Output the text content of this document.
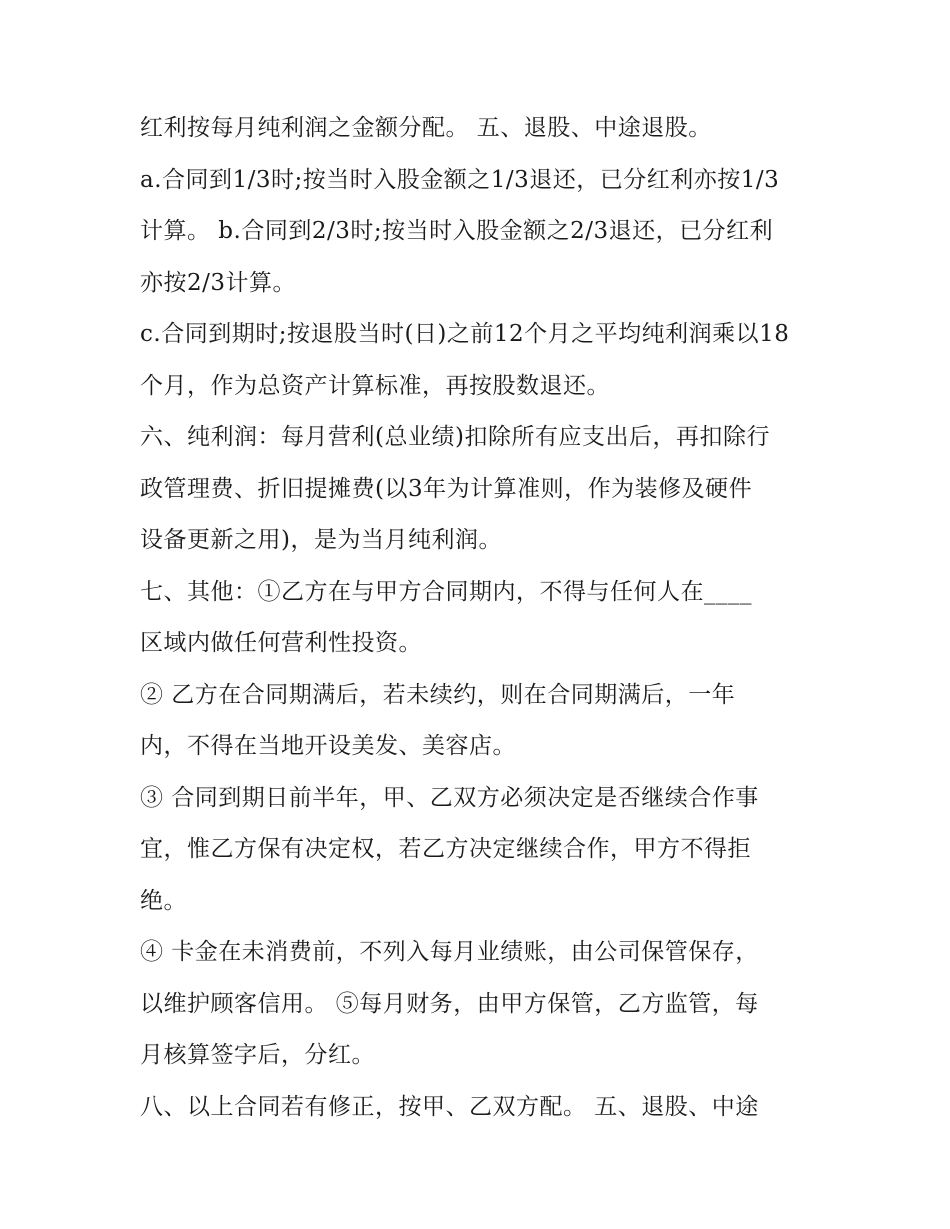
红利按每月纯利润之金额分配。 五、退股、中途退股。
a.合同到1/3时;按当时入股金额之1/3退还，已分红利亦按1/3
计算。 b.合同到2/3时;按当时入股金额之2/3退还，已分红利
亦按2/3计算。
c.合同到期时;按退股当时(日)之前12个月之平均纯利润乘以18
个月，作为总资产计算标准，再按股数退还。
六、纯利润：每月营利(总业绩)扣除所有应支出后，再扣除行
政管理费、折旧提摊费(以3年为计算准则，作为装修及硬件
设备更新之用)，是为当月纯利润。
七、其他：①乙方在与甲方合同期内，不得与任何人在____
区域内做任何营利性投资。
② 乙方在合同期满后，若未续约，则在合同期满后，一年
内，不得在当地开设美发、美容店。
③ 合同到期日前半年，甲、乙双方必须决定是否继续合作事
宜，惟乙方保有决定权，若乙方决定继续合作，甲方不得拒
绝。
④ 卡金在未消费前，不列入每月业绩账，由公司保管保存，
以维护顾客信用。 ⑤每月财务，由甲方保管，乙方监管，每
月核算签字后，分红。
八、以上合同若有修正，按甲、乙双方配。 五、退股、中途
